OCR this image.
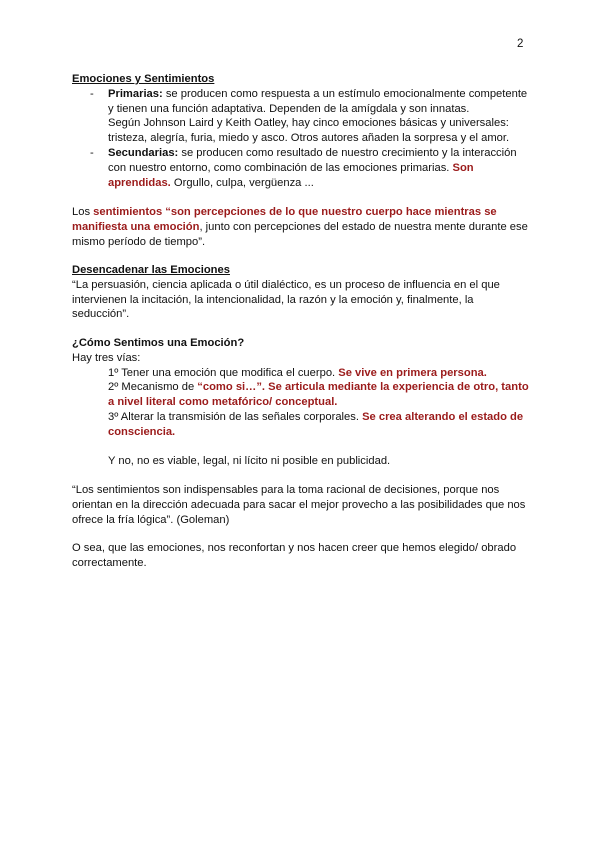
2

Emociones y Sentimientos

- Primarias: se producen como respuesta a un estímulo emocionalmente competente y tienen una función adaptativa. Dependen de la amígdala y son innatas.

Según Johnson Laird y Keith Oatley, hay cinco emociones básicas y universales: tristeza, alegría, furia, miedo y asco. Otros autores añaden la sorpresa y el amor.

- Secundarias: se producen como resultado de nuestro crecimiento y la interacción con nuestro entorno, como combinación de las emociones primarias. Son aprendidas. Orgullo, culpa, vergüenza ...

Los sentimientos “son percepciones de lo que nuestro cuerpo hace mientras se manifiesta una emoción, junto con percepciones del estado de nuestra mente durante ese mismo período de tiempo”.

Desencadenar las Emociones

“La persuasión, ciencia aplicada o útil dialéctico, es un proceso de influencia en el que intervienen la incitación, la intencionalidad, la razón y la emoción y, finalmente, la seducción”.

¿Cómo Sentimos una Emoción?

Hay tres vías:

1º Tener una emoción que modifica el cuerpo. Se vive en primera persona.

2º Mecanismo de “como si…”. Se articula mediante la experiencia de otro, tanto a nivel literal como metafórico/ conceptual.

3º Alterar la transmisión de las señales corporales. Se crea alterando el estado de consciencia.

Y no, no es viable, legal, ni lícito ni posible en publicidad.

“Los sentimientos son indispensables para la toma racional de decisiones, porque nos orientan en la dirección adecuada para sacar el mejor provecho a las posibilidades que nos ofrece la fría lógica”. (Goleman)

O sea, que las emociones, nos reconfortan y nos hacen creer que hemos elegido/ obrado correctamente.
